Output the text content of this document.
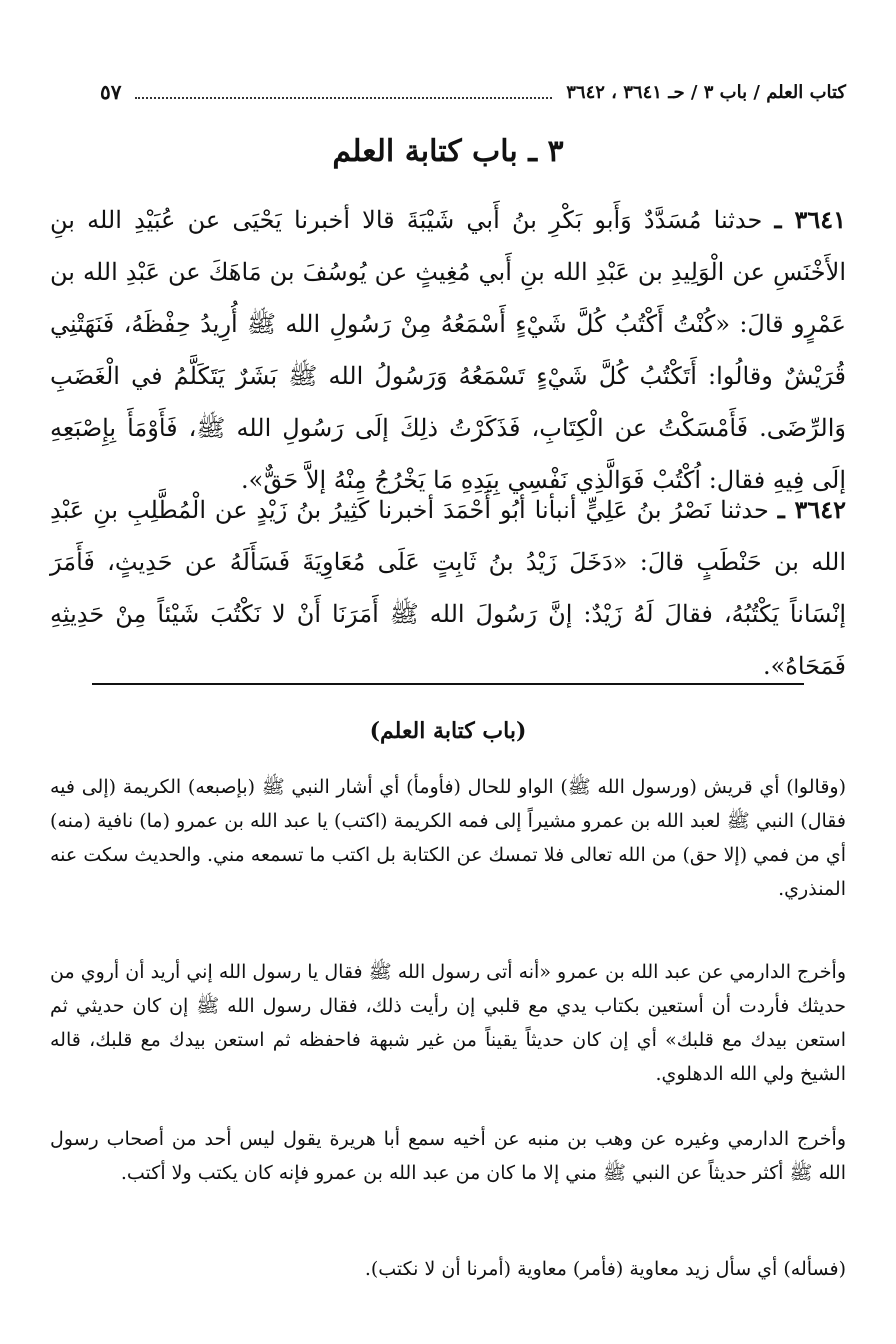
كتاب العلم / باب ٣ / حـ ٣٦٤١ ، ٣٦٤٢
٥٧
٣ ـ باب كتابة العلم
٣٦٤١ ـ حدثنا مُسَدَّدٌ وَأَبو بَكْرِ بنُ أَبي شَيْبَةَ قالا أخبرنا يَحْيَى عن عُبَيْدِ الله بنِ الأَخْنَسِ عن الْوَلِيدِ بن عَبْدِ الله بنِ أَبي مُغِيثٍ عن يُوسُفَ بن مَاهَكَ عن عَبْدِ الله بن عَمْرٍو قالَ: «كُنْتُ أَكْتُبُ كُلَّ شَيْءٍ أَسْمَعُهُ مِنْ رَسُولِ الله ﷺ أُرِيدُ حِفْظَهُ، فَنَهَتْنِي قُرَيْشٌ وقالُوا: أَتَكْتُبُ كُلَّ شَيْءٍ تَسْمَعُهُ وَرَسُولُ الله ﷺ بَشَرٌ يَتَكَلَّمُ في الْغَضَبِ وَالرِّضَى. فَأَمْسَكْتُ عن الْكِتَابِ، فَذَكَرْتُ ذلِكَ إلَى رَسُولِ الله ﷺ، فَأَوْمَأَ بِإِصْبَعِهِ إلَى فِيهِ فقال: اُكْتُبْ فَوَالَّذِي نَفْسِي بِيَدِهِ مَا يَخْرُجُ مِنْهُ إلاَّ حَقٌّ».
٣٦٤٢ ـ حدثنا نَصْرُ بنُ عَلِيٍّ أنبأنا أبُو أَحْمَدَ أخبرنا كَثِيرُ بنُ زَيْدٍ عن الْمُطَّلِبِ بنِ عَبْدِ الله بن حَنْطَبٍ قالَ: «دَخَلَ زَيْدُ بنُ ثَابِتٍ عَلَى مُعَاوِيَةَ فَسَأَلَهُ عن حَدِيثٍ، فَأَمَرَ إنْسَاناً يَكْتُبُهُ، فقالَ لَهُ زَيْدٌ: إنَّ رَسُولَ الله ﷺ أَمَرَنَا أَنْ لا نَكْتُبَ شَيْئاً مِنْ حَدِيثِهِ فَمَحَاهُ».
(باب كتابة العلم)

(وقالوا) أي قريش (ورسول الله ﷺ) الواو للحال (فأومأ) أي أشار النبي ﷺ (بإصبعه) الكريمة (إلى فيه فقال) النبي ﷺ لعبد الله بن عمرو مشيراً إلى فمه الكريمة (اكتب) يا عبد الله بن عمرو (ما) نافية (منه) أي من فمي (إلا حق) من الله تعالى فلا تمسك عن الكتابة بل اكتب ما تسمعه مني. والحديث سكت عنه المنذري.

وأخرج الدارمي عن عبد الله بن عمرو «أنه أتى رسول الله ﷺ فقال يا رسول الله إني أريد أن أروي من حديثك فأردت أن أستعين بكتاب يدي مع قلبي إن رأيت ذلك، فقال رسول الله ﷺ إن كان حديثي ثم استعن بيدك مع قلبك» أي إن كان حديثاً يقيناً من غير شبهة فاحفظه ثم استعن بيدك مع قلبك، قاله الشيخ ولي الله الدهلوي.

وأخرج الدارمي وغيره عن وهب بن منبه عن أخيه سمع أبا هريرة يقول ليس أحد من أصحاب رسول الله ﷺ أكثر حديثاً عن النبي ﷺ مني إلا ما كان من عبد الله بن عمرو فإنه كان يكتب ولا أكتب.

(فسأله) أي سأل زيد معاوية (فأمر) معاوية (أمرنا أن لا نكتب).
